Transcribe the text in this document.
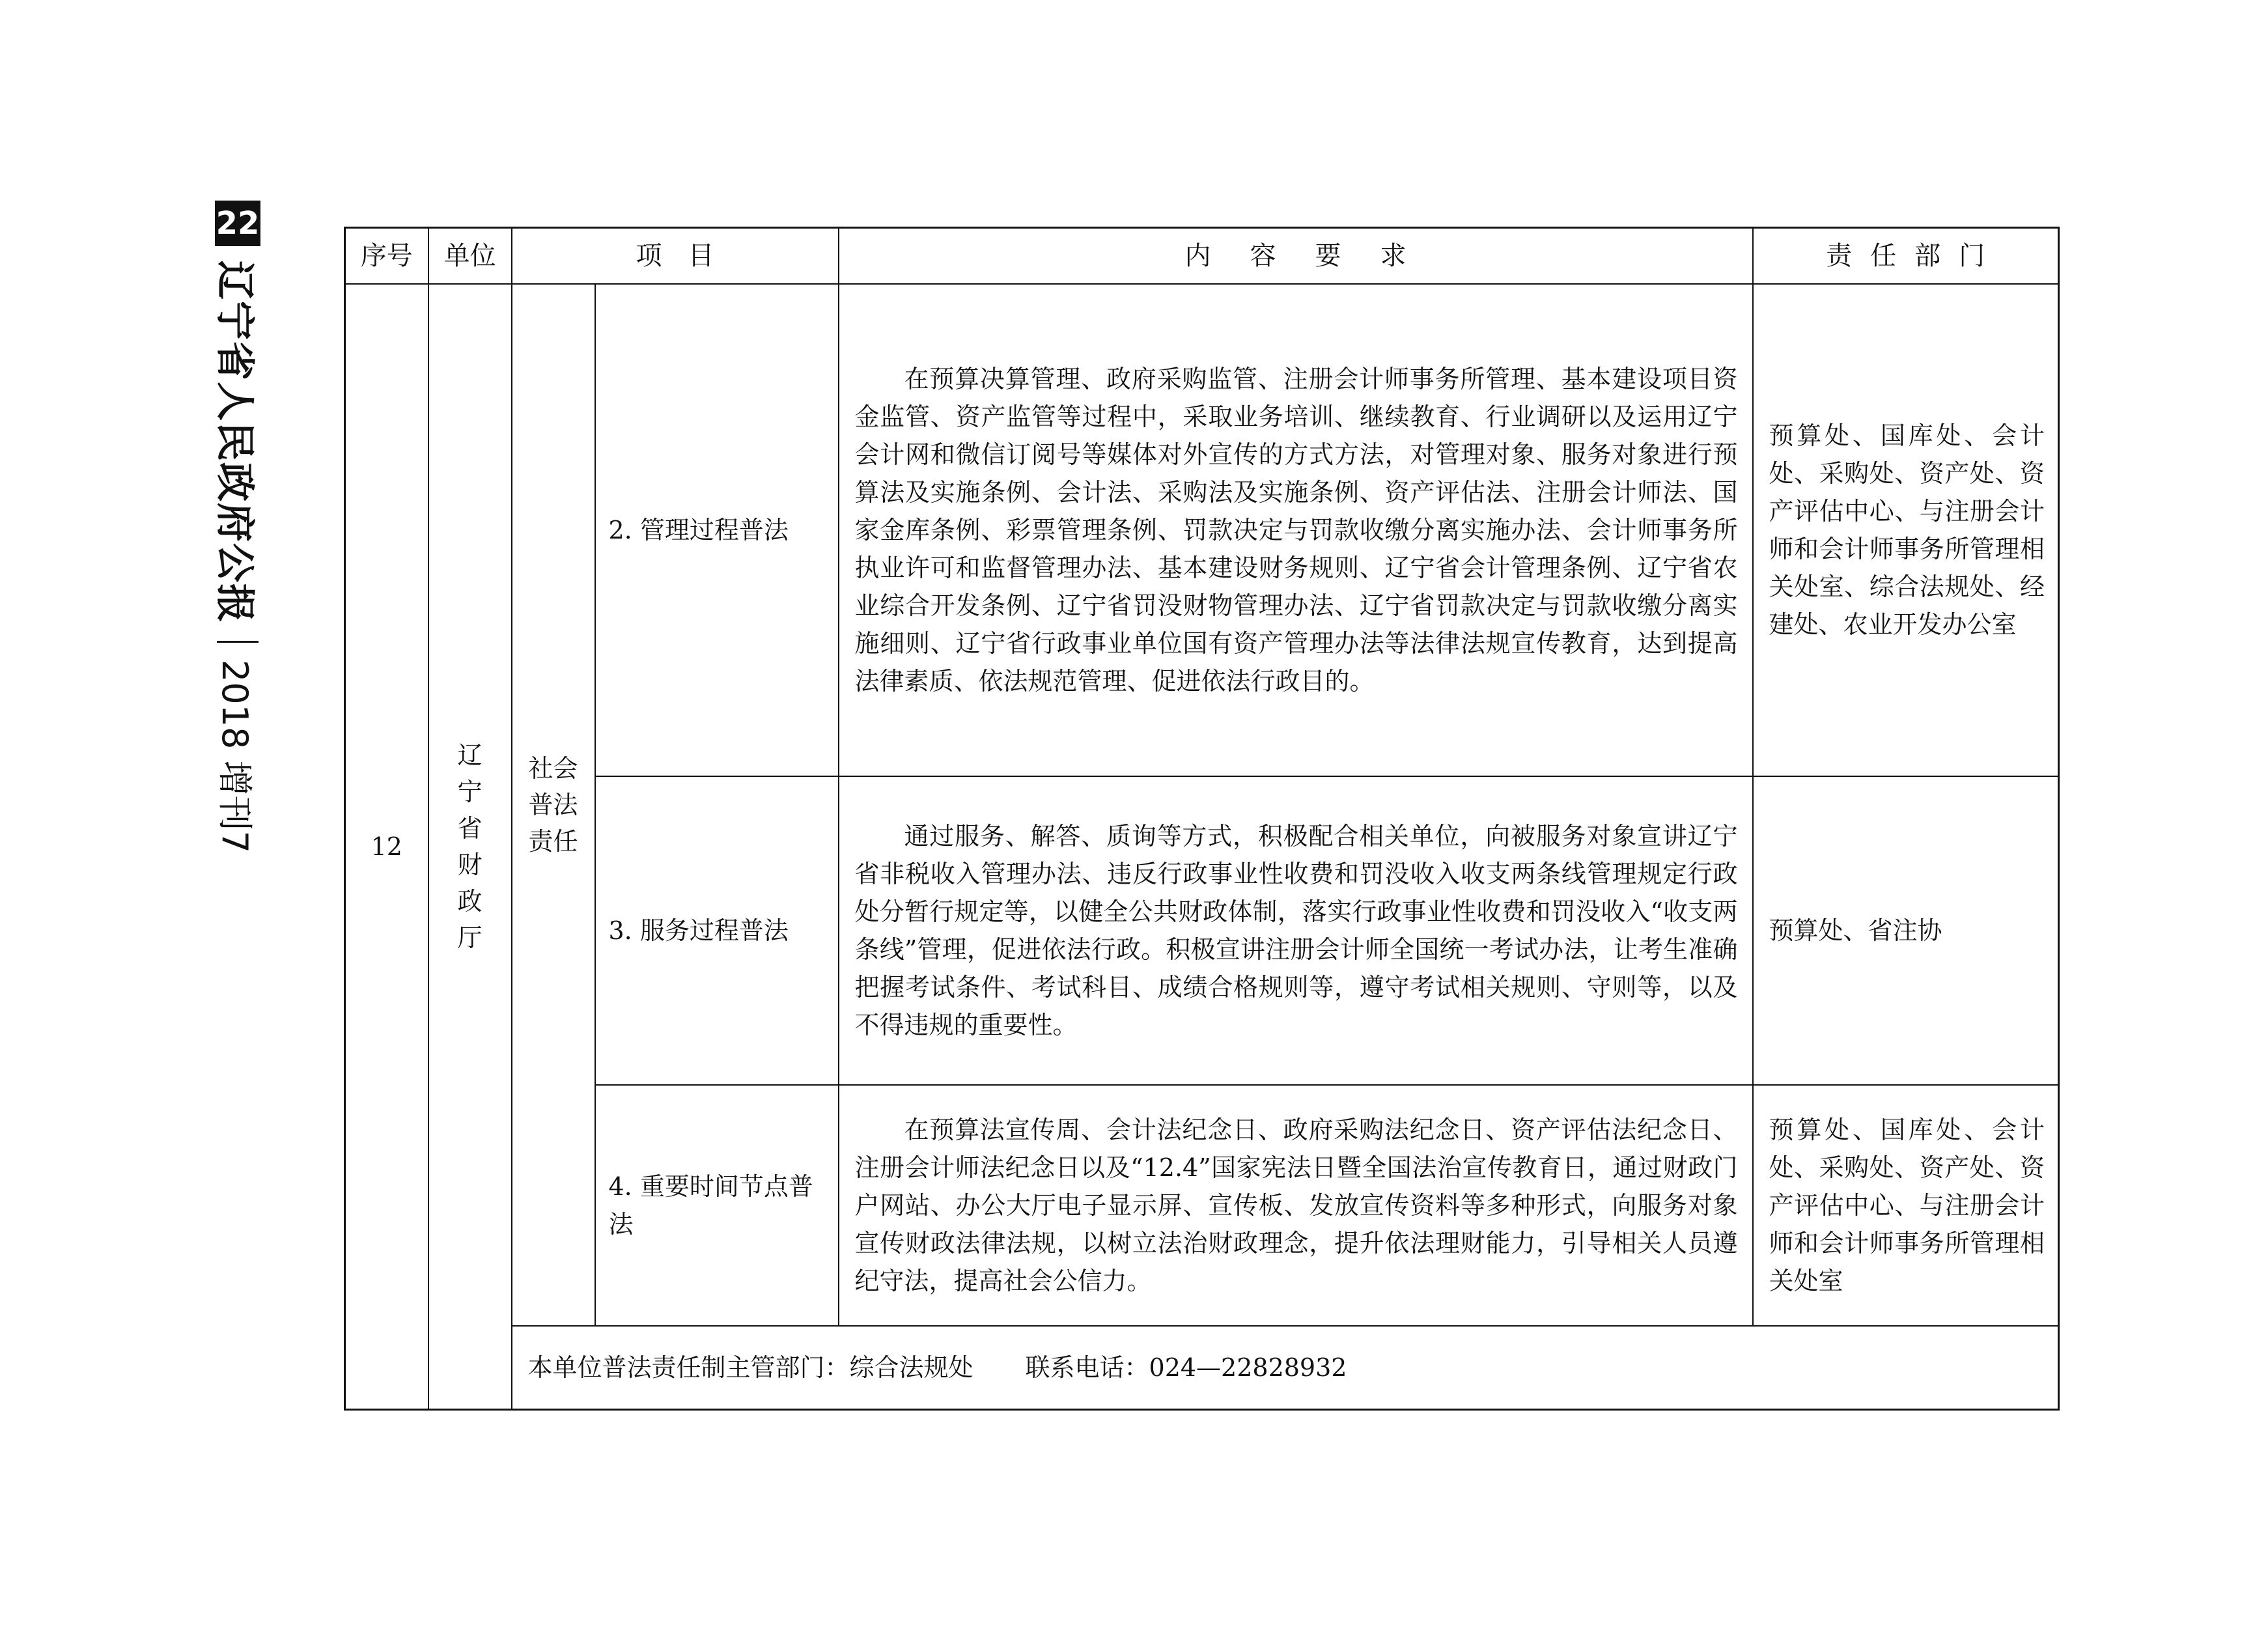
22
辽宁省人民政府公报
2018 增刊7
序号	单位	项　目		内容要求	责任部门
12	辽宁省财政厅	社会普法责任	2. 管理过程普法	在预算决算管理、政府采购监管、注册会计师事务所管理、基本建设项目资金监管、资产监管等过程中，采取业务培训、继续教育、行业调研以及运用辽宁会计网和微信订阅号等媒体对外宣传的方式方法，对管理对象、服务对象进行预算法及实施条例、会计法、采购法及实施条例、资产评估法、注册会计师法、国家金库条例、彩票管理条例、罚款决定与罚款收缴分离实施办法、会计师事务所执业许可和监督管理办法、基本建设财务规则、辽宁省会计管理条例、辽宁省农业综合开发条例、辽宁省罚没财物管理办法、辽宁省罚款决定与罚款收缴分离实施细则、辽宁省行政事业单位国有资产管理办法等法律法规宣传教育，达到提高法律素质、依法规范管理、促进依法行政目的。	预算处、国库处、会计处、采购处、资产处、资产评估中心、与注册会计师和会计师事务所管理相关处室、综合法规处、经建处、农业开发办公室
			3. 服务过程普法	通过服务、解答、质询等方式，积极配合相关单位，向被服务对象宣讲辽宁省非税收入管理办法、违反行政事业性收费和罚没收入收支两条线管理规定行政处分暂行规定等，以健全公共财政体制，落实行政事业性收费和罚没收入“收支两条线”管理，促进依法行政。积极宣讲注册会计师全国统一考试办法，让考生准确把握考试条件、考试科目、成绩合格规则等，遵守考试相关规则、守则等，以及不得违规的重要性。	预算处、省注协

			4. 重要时间节点普法	在预算法宣传周、会计法纪念日、政府采购法纪念日、资产评估法纪念日、注册会计师法纪念日以及“12.4”国家宪法日暨全国法治宣传教育日，通过财政门户网站、办公大厅电子显示屏、宣传板、发放宣传资料等多种形式，向服务对象宣传财政法律法规，以树立法治财政理念，提升依法理财能力，引导相关人员遵纪守法，提高社会公信力。	预算处、国库处、会计处、采购处、资产处、资产评估中心、与注册会计师和会计师事务所管理相关处室
		本单位普法责任制主管部门：综合法规处 联系电话：024—22828932			
